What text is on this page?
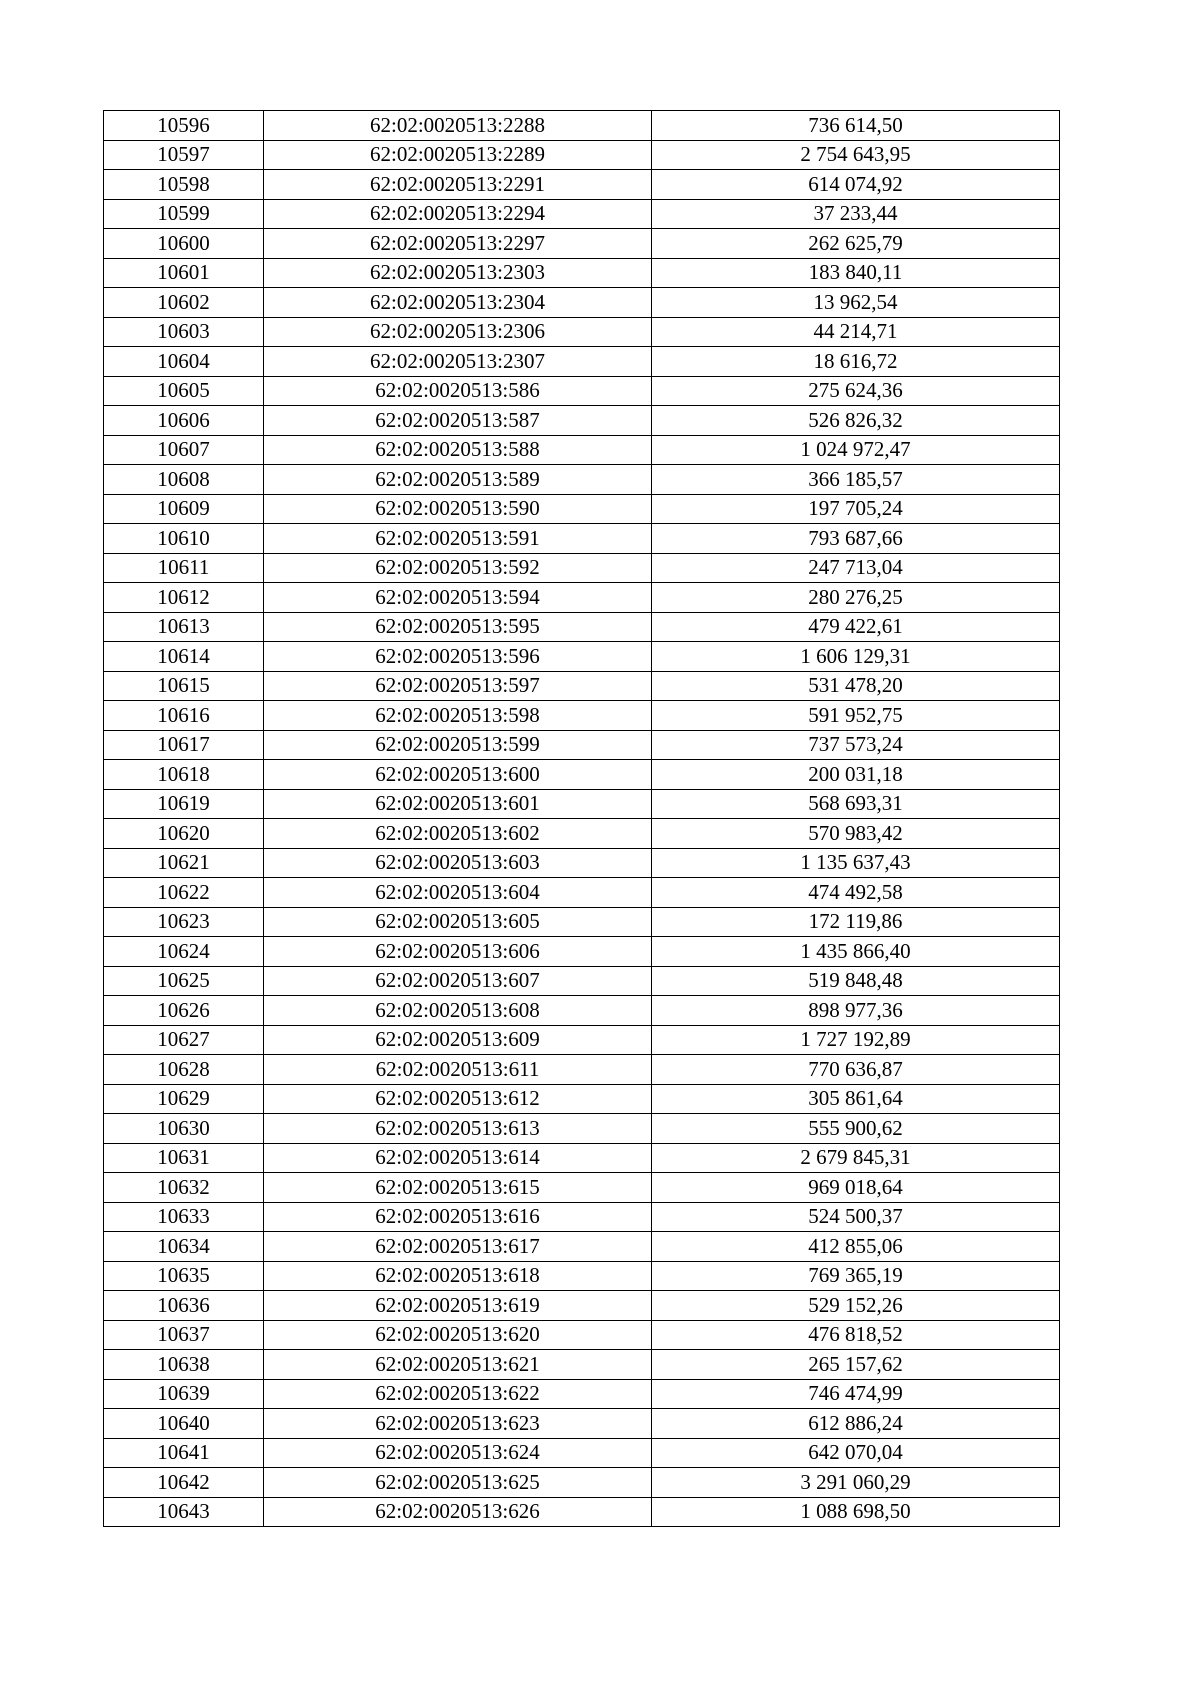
10596	62:02:0020513:2288	736 614,50
10597	62:02:0020513:2289	2 754 643,95
10598	62:02:0020513:2291	614 074,92
10599	62:02:0020513:2294	37 233,44
10600	62:02:0020513:2297	262 625,79
10601	62:02:0020513:2303	183 840,11
10602	62:02:0020513:2304	13 962,54
10603	62:02:0020513:2306	44 214,71
10604	62:02:0020513:2307	18 616,72
10605	62:02:0020513:586	275 624,36
10606	62:02:0020513:587	526 826,32
10607	62:02:0020513:588	1 024 972,47
10608	62:02:0020513:589	366 185,57
10609	62:02:0020513:590	197 705,24
10610	62:02:0020513:591	793 687,66
10611	62:02:0020513:592	247 713,04
10612	62:02:0020513:594	280 276,25
10613	62:02:0020513:595	479 422,61
10614	62:02:0020513:596	1 606 129,31
10615	62:02:0020513:597	531 478,20
10616	62:02:0020513:598	591 952,75
10617	62:02:0020513:599	737 573,24
10618	62:02:0020513:600	200 031,18
10619	62:02:0020513:601	568 693,31
10620	62:02:0020513:602	570 983,42
10621	62:02:0020513:603	1 135 637,43
10622	62:02:0020513:604	474 492,58
10623	62:02:0020513:605	172 119,86
10624	62:02:0020513:606	1 435 866,40
10625	62:02:0020513:607	519 848,48
10626	62:02:0020513:608	898 977,36
10627	62:02:0020513:609	1 727 192,89
10628	62:02:0020513:611	770 636,87
10629	62:02:0020513:612	305 861,64
10630	62:02:0020513:613	555 900,62
10631	62:02:0020513:614	2 679 845,31
10632	62:02:0020513:615	969 018,64
10633	62:02:0020513:616	524 500,37
10634	62:02:0020513:617	412 855,06
10635	62:02:0020513:618	769 365,19
10636	62:02:0020513:619	529 152,26
10637	62:02:0020513:620	476 818,52
10638	62:02:0020513:621	265 157,62
10639	62:02:0020513:622	746 474,99
10640	62:02:0020513:623	612 886,24
10641	62:02:0020513:624	642 070,04
10642	62:02:0020513:625	3 291 060,29
10643	62:02:0020513:626	1 088 698,50
